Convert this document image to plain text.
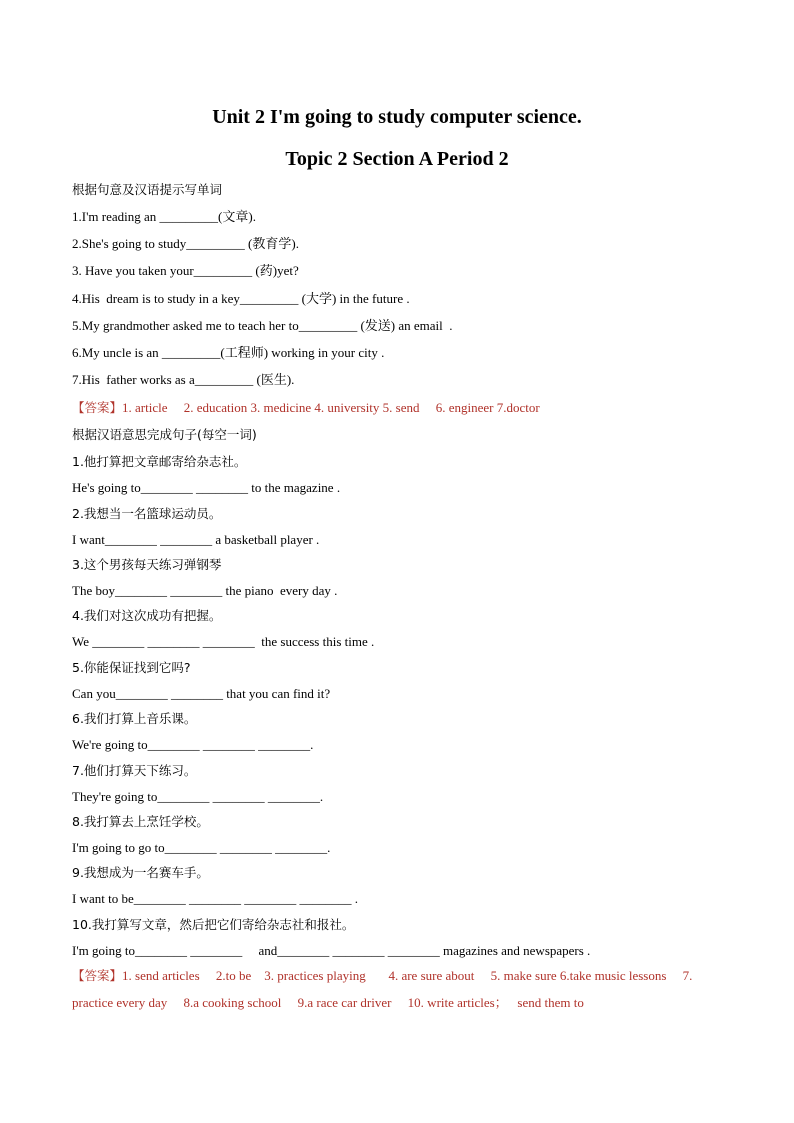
Unit 2 I'm going to study computer science.
Topic 2 Section A Period 2
根据句意及汉语提示写单词
1.I'm reading an _________(文章).
2.She's going to study_________ (教育学).
3. Have you taken your_________ (药)yet?
4.His  dream is to study in a key_________ (大学) in the future .
5.My grandmother asked me to teach her to_________ (发送) an email  .
6.My uncle is an _________(工程师) working in your city .
7.His  father works as a_________ (医生).
【答案】1. article     2. education 3. medicine 4. university 5. send     6. engineer 7.doctor
根据汉语意思完成句子(每空一词)
1.他打算把文章邮寄给杂志社。
He's going to________ ________ to the magazine .
2.我想当一名篮球运动员。
I want________ ________ a basketball player .
3.这个男孩每天练习弹钢琴
The boy________ ________ the piano  every day .
4.我们对这次成功有把握。
We ________ ________ ________  the success this time .
5.你能保证找到它吗?
Can you________ ________ that you can find it?
6.我们打算上音乐课。
We're going to________ ________ ________.
7.他们打算天下练习。
They're going to________ ________ ________.
8.我打算去上烹饪学校。
I'm going to go to________ ________ ________.
9.我想成为一名赛车手。
I want to be________ ________ ________ ________ .
10.我打算写文章，然后把它们寄给杂志社和报社。
I'm going to________ ________     and________ ________ ________ magazines and newspapers .
【答案】1. send articles     2.to be    3. practices playing       4. are sure about     5. make sure 6.take music lessons     7.
practice every day     8.a cooking school     9.a race car driver     10. write articles；   send them to
